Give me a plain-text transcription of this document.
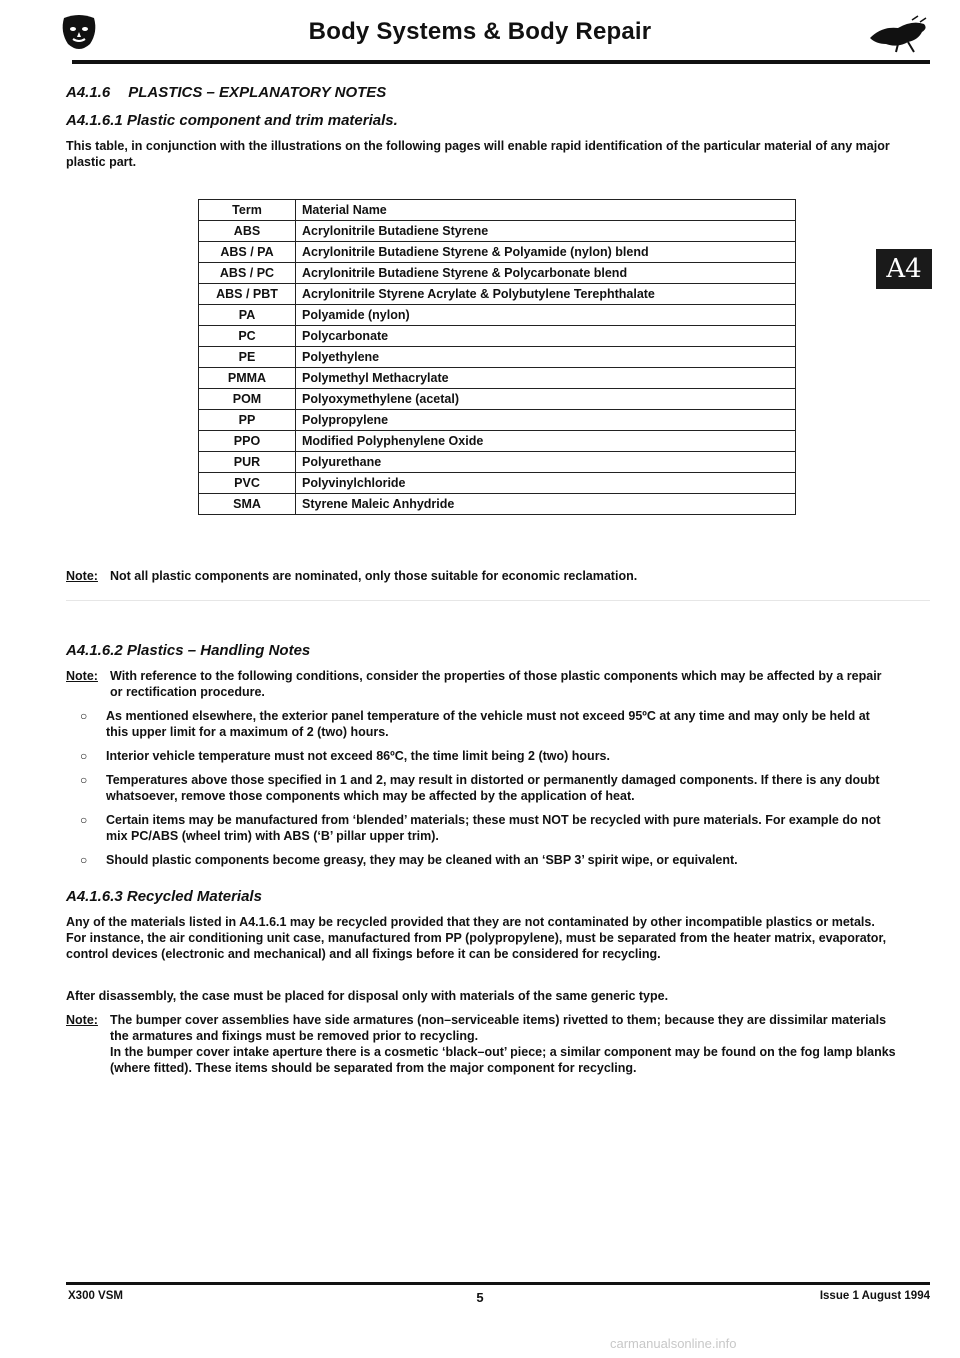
Body Systems & Body Repair
A4
A4.1.6 PLASTICS – EXPLANATORY NOTES
A4.1.6.1 Plastic component and trim materials.
This table, in conjunction with the illustrations on the following pages will enable rapid identification of the particular material of any major plastic part.
Term	Material Name
ABS	Acrylonitrile Butadiene Styrene
ABS / PA	Acrylonitrile Butadiene Styrene & Polyamide (nylon) blend
ABS / PC	Acrylonitrile Butadiene Styrene & Polycarbonate blend
ABS / PBT	Acrylonitrile Styrene Acrylate & Polybutylene Terephthalate
PA	Polyamide (nylon)
PC	Polycarbonate
PE	Polyethylene
PMMA	Polymethyl Methacrylate
POM	Polyoxymethylene (acetal)
PP	Polypropylene
PPO	Modified Polyphenylene Oxide
PUR	Polyurethane
PVC	Polyvinylchloride
SMA	Styrene Maleic Anhydride
Note: Not all plastic components are nominated, only those suitable for economic reclamation.
A4.1.6.2 Plastics – Handling Notes
Note: With reference to the following conditions, consider the properties of those plastic components which may be affected by a repair or rectification procedure.
○	As mentioned elsewhere, the exterior panel temperature of the vehicle must not exceed 95ºC at any time and may only be held at this upper limit for a maximum of 2 (two) hours.
○	Interior vehicle temperature must not exceed 86ºC, the time limit being 2 (two) hours.
○	Temperatures above those specified in 1 and 2, may result in distorted or permanently damaged components. If there is any doubt whatsoever, remove those components which may be affected by the application of heat.
○	Certain items may be manufactured from ‘blended’ materials; these must NOT be recycled with pure materials. For example do not mix PC/ABS (wheel trim) with ABS (‘B’ pillar upper trim).
○	Should plastic components become greasy, they may be cleaned with an ‘SBP 3’ spirit wipe, or equivalent.
A4.1.6.3 Recycled Materials
Any of the materials listed in A4.1.6.1 may be recycled provided that they are not contaminated by other incompatible plastics or metals. For instance, the air conditioning unit case, manufactured from PP (polypropylene), must be separated from the heater matrix, evaporator, control devices (electronic and mechanical) and all fixings before it can be considered for recycling.
After disassembly, the case must be placed for disposal only with materials of the same generic type.
Note: The bumper cover assemblies have side armatures (non–serviceable items) rivetted to them; because they are dissimilar materials the armatures and fixings must be removed prior to recycling.
In the bumper cover intake aperture there is a cosmetic ‘black–out’ piece; a similar component may be found on the fog lamp blanks (where fitted). These items should be separated from the major component for recycling.
X300 VSM	5	Issue 1 August 1994
carmanualsonline.info
